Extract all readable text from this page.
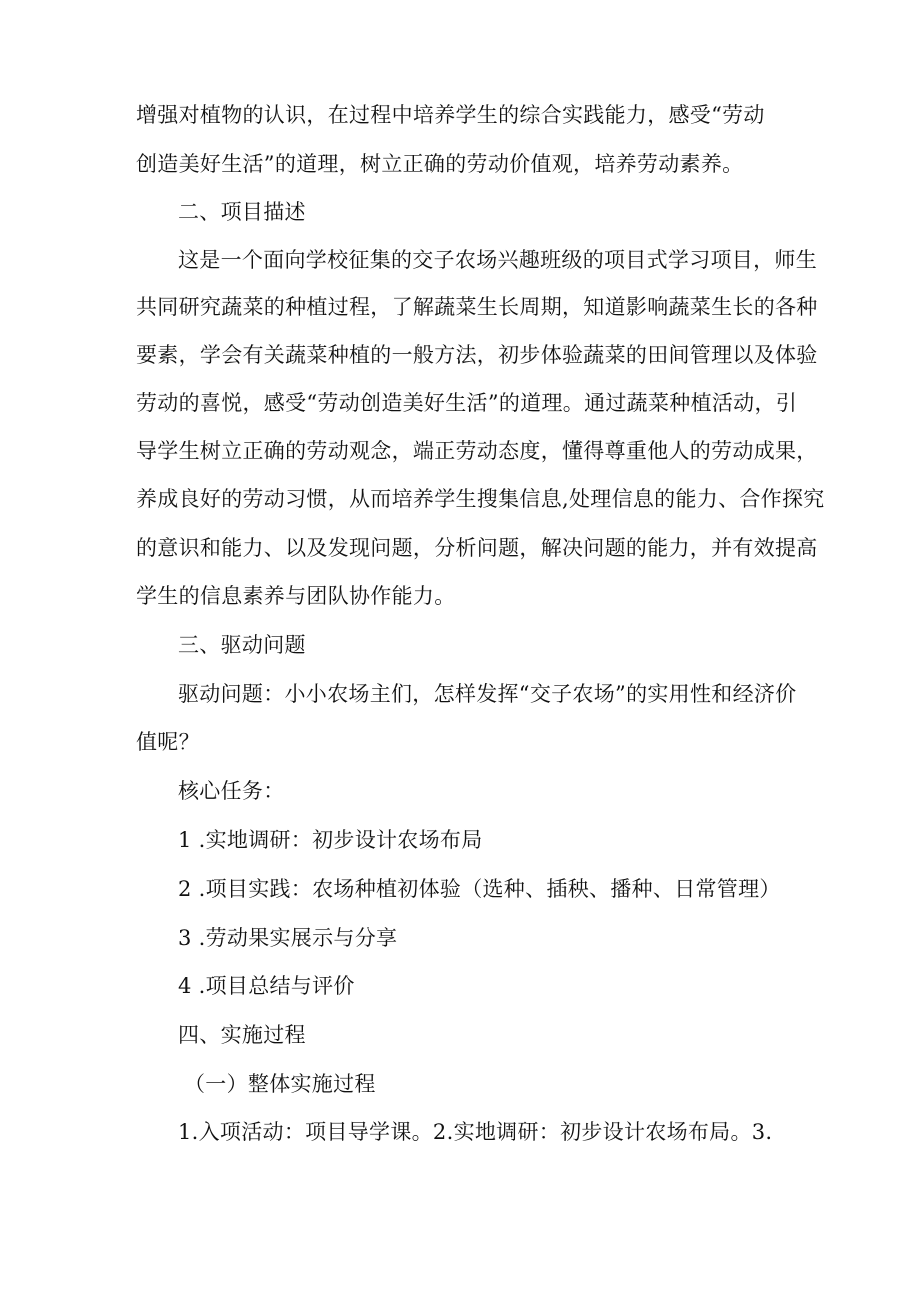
增强对植物的认识，在过程中培养学生的综合实践能力，感受“劳动
创造美好生活”的道理，树立正确的劳动价值观，培养劳动素养。
二、项目描述
这是一个面向学校征集的交子农场兴趣班级的项目式学习项目，师生
共同研究蔬菜的种植过程，了解蔬菜生长周期，知道影响蔬菜生长的各种
要素，学会有关蔬菜种植的一般方法，初步体验蔬菜的田间管理以及体验
劳动的喜悦，感受“劳动创造美好生活”的道理。通过蔬菜种植活动，引
导学生树立正确的劳动观念，端正劳动态度，懂得尊重他人的劳动成果，
养成良好的劳动习惯，从而培养学生搜集信息,处理信息的能力、合作探究
的意识和能力、以及发现问题，分析问题，解决问题的能力，并有效提高
学生的信息素养与团队协作能力。
三、驱动问题
驱动问题：小小农场主们，怎样发挥“交子农场”的实用性和经济价
值呢？
核心任务：
1 .实地调研：初步设计农场布局
2 .项目实践：农场种植初体验（选种、插秧、播种、日常管理）
3 .劳动果实展示与分享
4 .项目总结与评价
四、实施过程
（一）整体实施过程
1.入项活动：项目导学课。2.实地调研：初步设计农场布局。3.
